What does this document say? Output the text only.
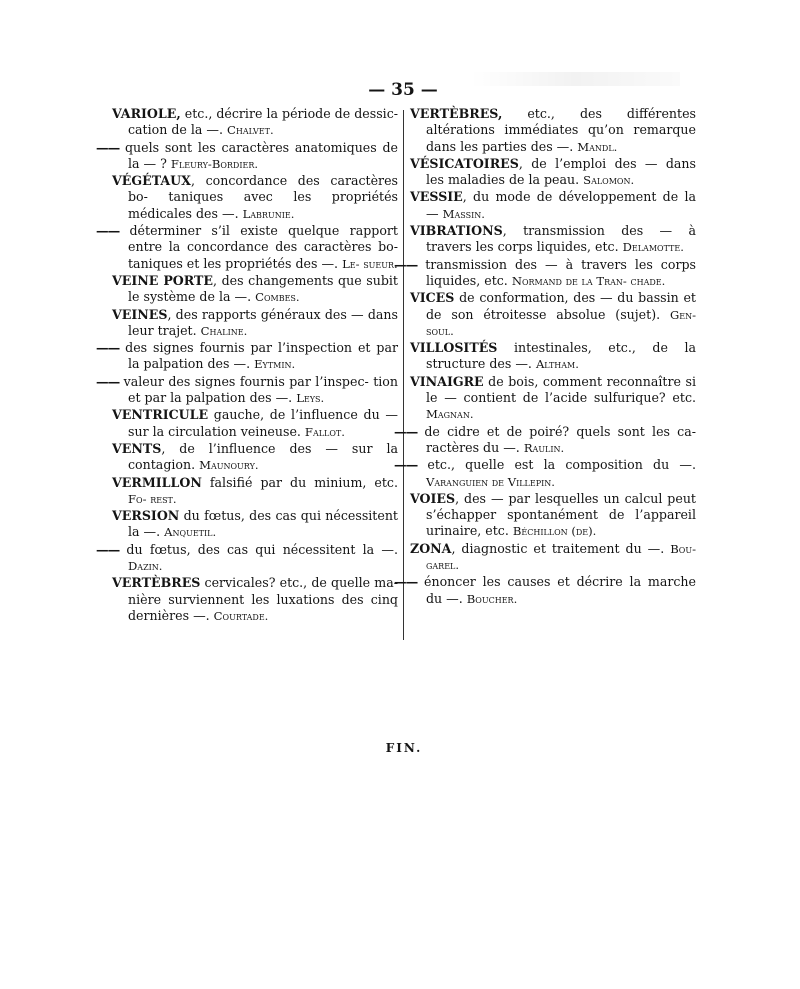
— 35 —

VARIOLE, etc., décrire la période de dessic- cation de la —. Chalvet.

—— quels sont les caractères anatomiques de la — ? Fleury-Bordier.

VÉGÉTAUX, concordance des caractères bo- taniques avec les propriétés médicales des —. Labrunie.

—— déterminer s’il existe quelque rapport entre la concordance des caractères bo- taniques et les propriétés des —. Le- sueur.

VEINE PORTE, des changements que subit le système de la —. Combes.

VEINES, des rapports généraux des — dans leur trajet. Chaline.

—— des signes fournis par l’inspection et par la palpation des —. Eytmin.

—— valeur des signes fournis par l’inspec- tion et par la palpation des —. Leys.

VENTRICULE gauche, de l’influence du — sur la circulation veineuse. Fallot.

VENTS, de l’influence des — sur la contagion. Maunoury.

VERMILLON falsifié par du minium, etc. Fo- rest.

VERSION du fœtus, des cas qui nécessitent la —. Anquetil.

—— du fœtus, des cas qui nécessitent la —. Dazin.

VERTÈBRES cervicales? etc., de quelle ma- nière surviennent les luxations des cinq dernières —. Courtade.

VERTÈBRES, etc., des différentes altérations immédiates qu’on remarque dans les parties des —. Mandl.

VÉSICATOIRES, de l’emploi des — dans les maladies de la peau. Salomon.

VESSIE, du mode de développement de la — Massin.

VIBRATIONS, transmission des — à travers les corps liquides, etc. Delamotte.

—— transmission des — à travers les corps liquides, etc. Normand de la Tran- chade.

VICES de conformation, des — du bassin et de son étroitesse absolue (sujet). Gen- soul.

VILLOSITÉS intestinales, etc., de la structure des —. Altham.

VINAIGRE de bois, comment reconnaître si le — contient de l’acide sulfurique? etc. Magnan.

—— de cidre et de poiré? quels sont les ca- ractères du —. Raulin.

—— etc., quelle est la composition du —. Varanguien de Villepin.

VOIES, des — par lesquelles un calcul peut s’échapper spontanément de l’appareil urinaire, etc. Béchillon (de).

ZONA, diagnostic et traitement du —. Bou- garel.

—— énoncer les causes et décrire la marche du —. Boucher.

FIN.
